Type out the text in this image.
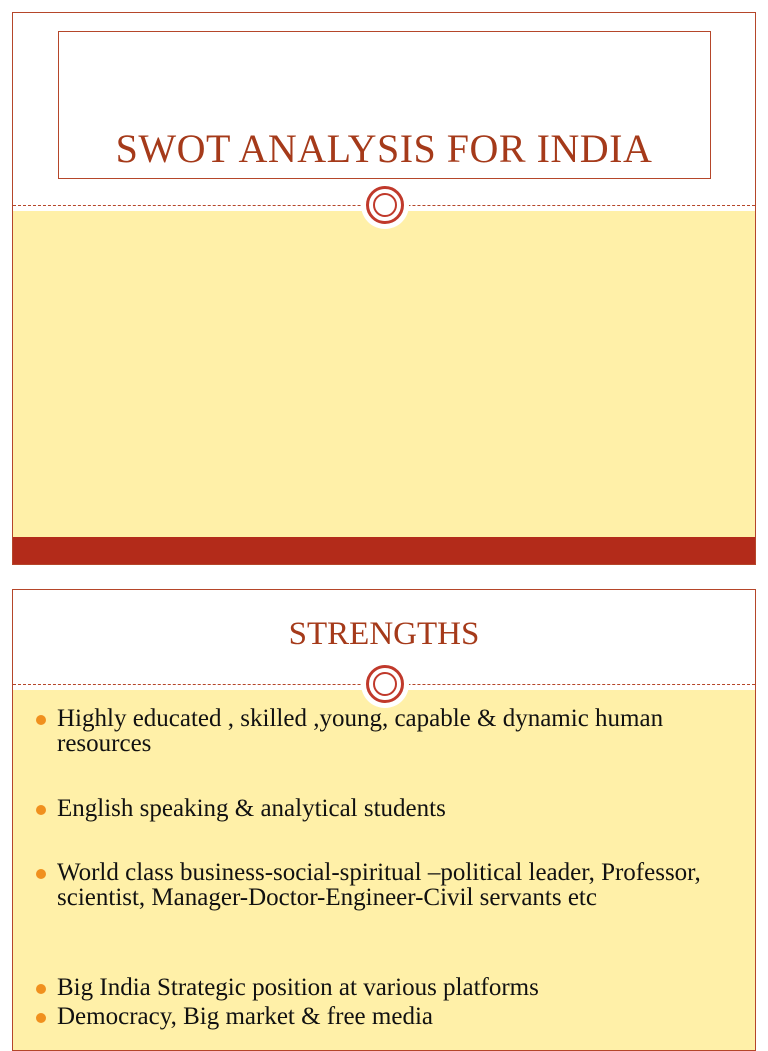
SWOT ANALYSIS FOR INDIA
STRENGTHS
Highly educated , skilled ,young, capable & dynamic human resources
English speaking & analytical students
World class business-social-spiritual –political leader, Professor, scientist, Manager-Doctor-Engineer-Civil servants etc
Big India Strategic position at various platforms
Democracy, Big market & free media
